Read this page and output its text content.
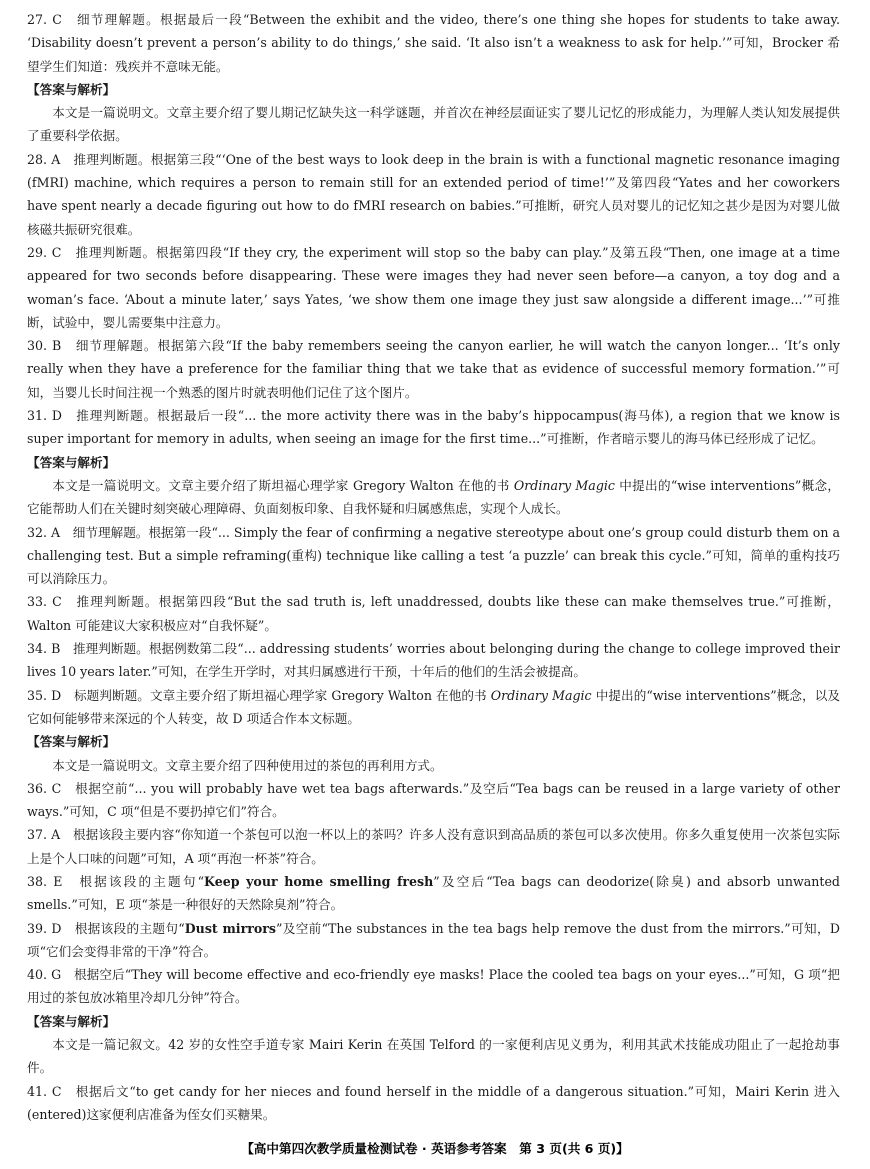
27. C　细节理解题。根据最后一段“Between the exhibit and the video, there’s one thing she hopes for students to take away. ‘Disability doesn’t prevent a person’s ability to do things,’ she said. ‘It also isn’t a weakness to ask for help.’”可知，Brocker 希望学生们知道：残疾并不意味无能。

【答案与解析】

本文是一篇说明文。文章主要介绍了婴儿期记忆缺失这一科学谜题，并首次在神经层面证实了婴儿记忆的形成能力，为理解人类认知发展提供了重要科学依据。

28. A　推理判断题。根据第三段“‘One of the best ways to look deep in the brain is with a functional magnetic resonance imaging (fMRI) machine, which requires a person to remain still for an extended period of time!’”及第四段“Yates and her coworkers have spent nearly a decade figuring out how to do fMRI research on babies.”可推断，研究人员对婴儿的记忆知之甚少是因为对婴儿做核磁共振研究很难。

29. C　推理判断题。根据第四段“If they cry, the experiment will stop so the baby can play.”及第五段“Then, one image at a time appeared for two seconds before disappearing. These were images they had never seen before—a canyon, a toy dog and a woman’s face. ‘About a minute later,’ says Yates, ‘we show them one image they just saw alongside a different image...’”可推断，试验中，婴儿需要集中注意力。

30. B　细节理解题。根据第六段“If the baby remembers seeing the canyon earlier, he will watch the canyon longer... ‘It’s only really when they have a preference for the familiar thing that we take that as evidence of successful memory formation.’”可知，当婴儿长时间注视一个熟悉的图片时就表明他们记住了这个图片。

31. D　推理判断题。根据最后一段“... the more activity there was in the baby’s hippocampus(海马体), a region that we know is super important for memory in adults, when seeing an image for the first time...”可推断，作者暗示婴儿的海马体已经形成了记忆。

【答案与解析】

本文是一篇说明文。文章主要介绍了斯坦福心理学家 Gregory Walton 在他的书 Ordinary Magic 中提出的“wise interventions”概念，它能帮助人们在关键时刻突破心理障碍、负面刻板印象、自我怀疑和归属感焦虑，实现个人成长。

32. A　细节理解题。根据第一段“... Simply the fear of confirming a negative stereotype about one’s group could disturb them on a challenging test. But a simple reframing(重构) technique like calling a test ‘a puzzle’ can break this cycle.”可知，简单的重构技巧可以消除压力。

33. C　推理判断题。根据第四段“But the sad truth is, left unaddressed, doubts like these can make themselves true.”可推断，Walton 可能建议大家积极应对“自我怀疑”。

34. B　推理判断题。根据例数第二段“... addressing students’ worries about belonging during the change to college improved their lives 10 years later.”可知，在学生开学时，对其归属感进行干预，十年后的他们的生活会被提高。

35. D　标题判断题。文章主要介绍了斯坦福心理学家 Gregory Walton 在他的书 Ordinary Magic 中提出的“wise interventions”概念，以及它如何能够带来深远的个人转变，故 D 项适合作本文标题。

【答案与解析】

本文是一篇说明文。文章主要介绍了四种使用过的茶包的再利用方式。

36. C　根据空前“... you will probably have wet tea bags afterwards.”及空后“Tea bags can be reused in a large variety of other ways.”可知，C 项“但是不要扔掉它们”符合。

37. A　根据该段主要内容“你知道一个茶包可以泡一杯以上的茶吗？许多人没有意识到高品质的茶包可以多次使用。你多久重复使用一次茶包实际上是个人口味的问题”可知，A 项“再泡一杯茶”符合。

38. E　根据该段的主题句“Keep your home smelling fresh”及空后“Tea bags can deodorize(除臭) and absorb unwanted smells.”可知，E 项“茶是一种很好的天然除臭剂”符合。

39. D　根据该段的主题句“Dust mirrors”及空前“The substances in the tea bags help remove the dust from the mirrors.”可知，D 项“它们会变得非常的干净”符合。

40. G　根据空后“They will become effective and eco-friendly eye masks! Place the cooled tea bags on your eyes...”可知，G 项“把用过的茶包放冰箱里冷却几分钟”符合。

【答案与解析】

本文是一篇记叙文。42 岁的女性空手道专家 Mairi Kerin 在英国 Telford 的一家便利店见义勇为，利用其武术技能成功阻止了一起抢劫事件。

41. C　根据后文“to get candy for her nieces and found herself in the middle of a dangerous situation.”可知，Mairi Kerin 进入(entered)这家便利店准备为侄女们买糖果。

【高中第四次教学质量检测试卷 · 英语参考答案　第 3 页(共 6 页)】
